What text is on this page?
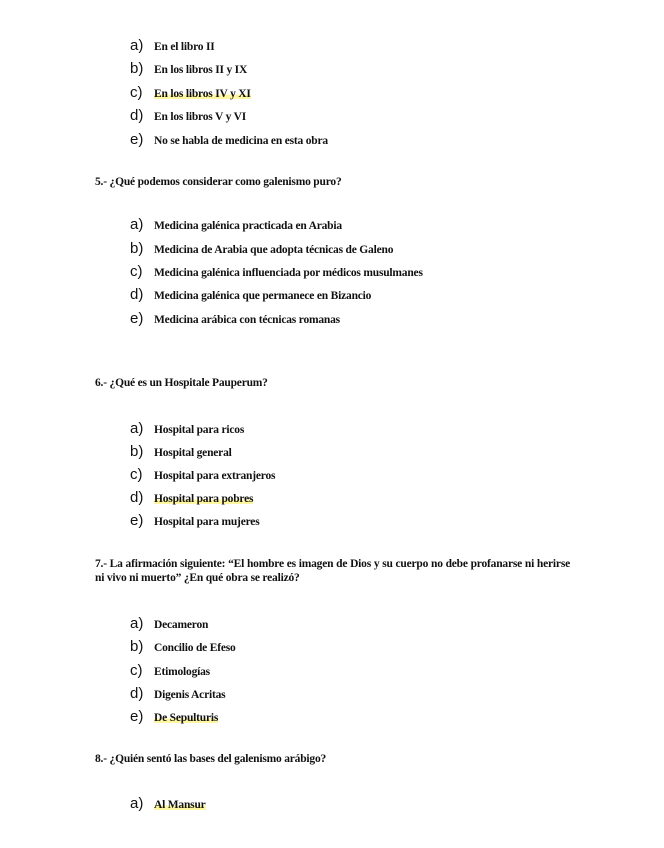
a) En el libro II
b) En los libros II y IX
c)	En los libros IV y XI
d) En los libros V y VI
e) No se habla de medicina en esta obra
5.- ¿Qué podemos considerar como galenismo puro?
a) Medicina galénica practicada en Arabia
b) Medicina de Arabia que adopta técnicas de Galeno
c)	Medicina galénica influenciada por médicos musulmanes
d) Medicina galénica que permanece en Bizancio
e) Medicina arábica con técnicas romanas
6.- ¿Qué es un Hospitale Pauperum?
a) Hospital para ricos
b) Hospital general
c)	Hospital para extranjeros
d) Hospital para pobres
e) Hospital para mujeres
7.- La afirmación siguiente: “El hombre es imagen de Dios y su cuerpo no debe profanarse ni herirse ni vivo ni muerto” ¿En qué obra se realizó?
a) Decameron
b) Concilio de Efeso
c)	Etimologías
d) Digenis Acritas
e) De Sepulturis
8.- ¿Quién sentó las bases del galenismo arábigo?
a) Al Mansur
